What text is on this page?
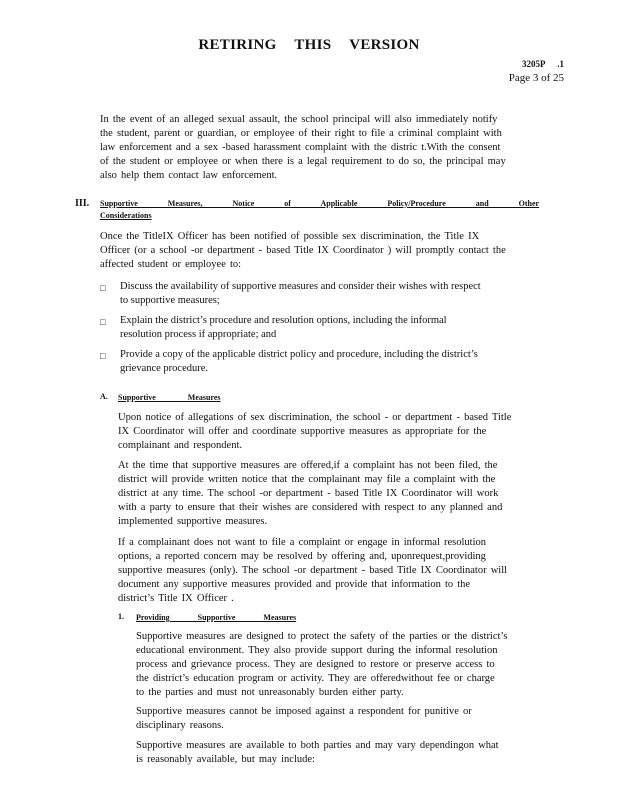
RETIRING THIS VERSION
3205P .1
Page 3 of 25
In the event of an alleged sexual assault, the school principal will also immediately notify
the student, parent or guardian, or employee of their right to file a criminal complaint with
law enforcement and a sex -based harassment complaint with the distric t.With the consent
of the student or employee or when there is a legal requirement to do so, the principal may
also help them contact law enforcement.
III. Supportive Measures, Notice of Applicable Policy/Procedure and Other
Considerations
Once the TitleIX Officer has been notified of possible sex discrimination, the Title IX
Officer (or a school -or department - based Title IX Coordinator ) will promptly contact the
affected student or employee to:
□ Discuss the availability of supportive measures and consider their wishes with respect
to supportive measures;
□ Explain the district’s procedure and resolution options, including the informal
resolution process if appropriate; and
□ Provide a copy of the applicable district policy and procedure, including the district’s
grievance procedure.
A. Supportive Measures
Upon notice of allegations of sex discrimination, the school - or department - based Title
IX Coordinator will offer and coordinate supportive measures as appropriate for the
complainant and respondent.
At the time that supportive measures are offered,if a complaint has not been filed, the
district will provide written notice that the complainant may file a complaint with the
district at any time. The school -or department - based Title IX Coordinator will work
with a party to ensure that their wishes are considered with respect to any planned and
implemented supportive measures.
If a complainant does not want to file a complaint or engage in informal resolution
options, a reported concern may be resolved by offering and, uponrequest,providing
supportive measures (only). The school -or department - based Title IX Coordinator will
document any supportive measures provided and provide that information to the
district’s Title IX Officer .
1. Providing Supportive Measures
Supportive measures are designed to protect the safety of the parties or the district’s
educational environment. They also provide support during the informal resolution
process and grievance process. They are designed to restore or preserve access to
the district’s education program or activity. They are offeredwithout fee or charge
to the parties and must not unreasonably burden either party.
Supportive measures cannot be imposed against a respondent for punitive or
disciplinary reasons.
Supportive measures are available to both parties and may vary dependingon what
is reasonably available, but may include:
